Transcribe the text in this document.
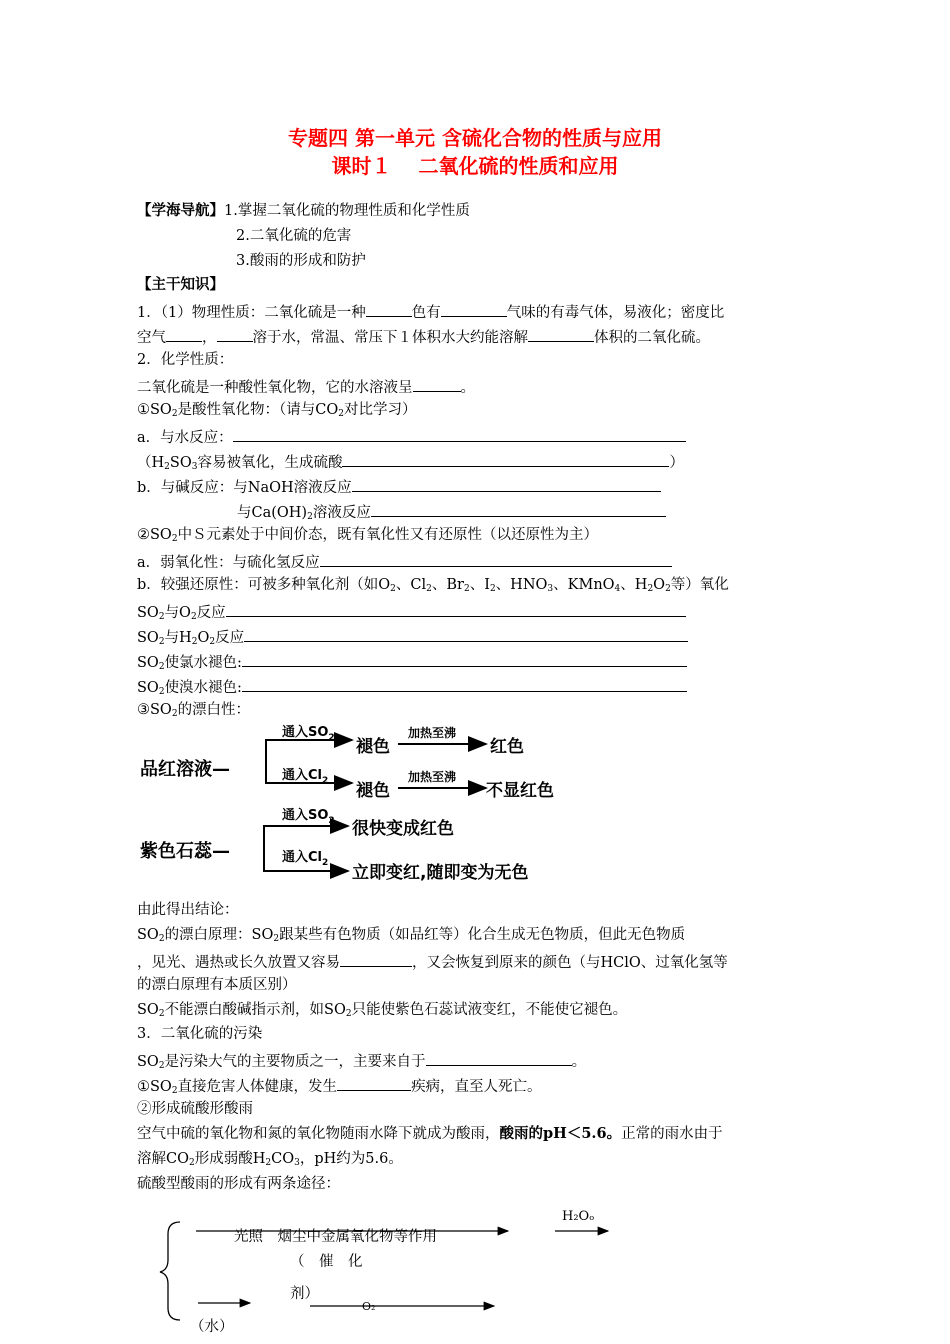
专题四 第一单元 含硫化合物的性质与应用
课时１　 二氧化硫的性质和应用
【学海导航】1.掌握二氧化硫的物理性质和化学性质
2.二氧化硫的危害
3.酸雨的形成和防护
【主干知识】
1．（1）物理性质：二氧化硫是一种	色有	气味的有毒气体，易液化；密度比
空气 ， 溶于水，常温、常压下１体积水大约能溶解	体积的二氧化硫。
2．化学性质：
二氧化硫是一种酸性氧化物，它的水溶液呈	。
$①SO_2$是酸性氧化物：（请与$CO_2$对比学习）
a．与水反应：
（$H_2SO_3$容易被氧化，生成硫酸	）
b．与碱反应：与NaOH溶液反应
与$Ca(OH)_2$溶液反应
$②SO_2$中Ｓ元素处于中间价态，既有氧化性又有还原性（以还原性为主）
a．弱氧化性：与硫化氢反应
b．较强还原性：可被多种氧化剂（如$O_2$、$Cl_2$、$Br_2$、$I_2$、$HNO_3$、KMnO$_4$、$H_2O_2$等）氧化
$SO_2$与$O_2$反应
$SO_2$与$H_2O_2$反应
$SO_2$使氯水褪色:
$SO_2$使溴水褪色:
$③SO_2$的漂白性：
品红溶液—
通入$SO_2$
通入$Cl_2$
褪色
褪色
加热至沸
加热至沸
红色
不显红色
紫色石蕊—
通入$SO_2$
通入$Cl_2$
很快变成红色
立即变红,随即变为无色
由此得出结论：
$SO_2$的漂白原理：$SO_2$跟某些有色物质（如品红等）化合生成无色物质，但此无色物质
，见光、遇热或长久放置又容易	，又会恢复到原来的颜色（与HClO、过氧化氢等
的漂白原理有本质区别）
$SO_2$不能漂白酸碱指示剂，如$SO_2$只能使紫色石蕊试液变红，不能使它褪色。
3．二氧化硫的污染
$SO_2$是污染大气的主要物质之一，主要来自于	。
$①SO_2$直接危害人体健康，发生	疾病，直至人死亡。
②形成硫酸形酸雨
空气中硫的氧化物和氮的氧化物随雨水降下就成为酸雨，酸雨的pH＜5.6。正常的雨水由于
溶解$CO_2$形成弱酸$H_2CO_3$，pH约为5.6。
硫酸型酸雨的形成有两条途径：
H₂Oₒ
光照　烟尘中金属氧化物等作用
（　催　化
剂）
O₂
（水）
